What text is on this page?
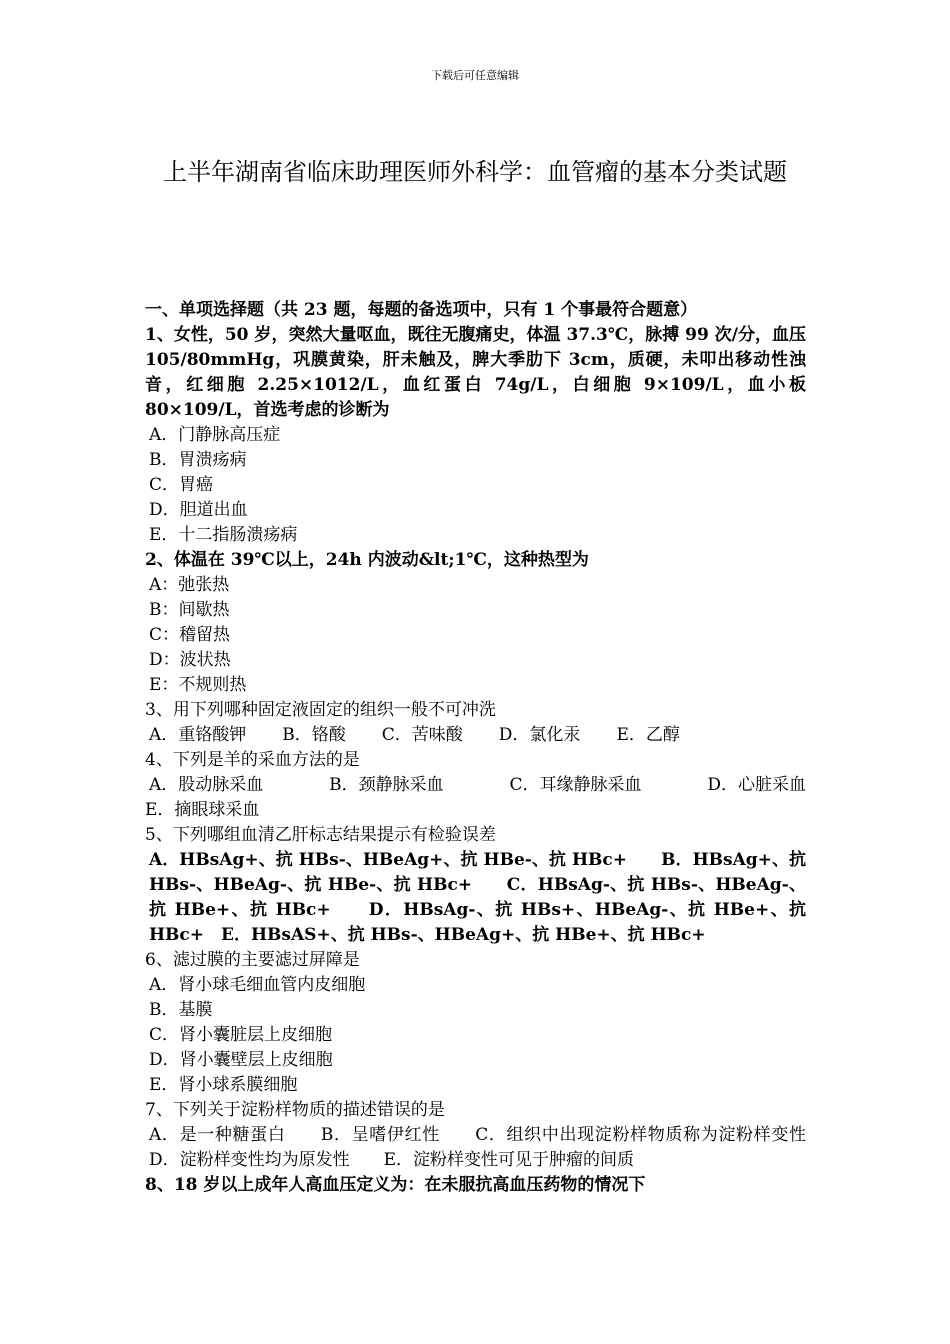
下载后可任意编辑
上半年湖南省临床助理医师外科学：血管瘤的基本分类试题

一、单项选择题（共 23 题，每题的备选项中，只有 1 个事最符合题意）

1、女性，50 岁，突然大量呕血，既往无腹痛史，体温 37.3℃，脉搏 99 次/分，血压 105/80mmHg，巩膜黄染，肝未触及，脾大季肋下 3cm，质硬，未叩出移动性浊音，红细胞 2.25×1012/L，血红蛋白 74g/L，白细胞 9×109/L，血小板 80×109/L，首选考虑的诊断为

A．门静脉高压症

B．胃溃疡病

C．胃癌

D．胆道出血

E．十二指肠溃疡病

2、体温在 39℃以上，24h 内波动&lt;1℃，这种热型为

A：弛张热

B：间歇热

C：稽留热

D：波状热

E：不规则热

3、用下列哪种固定液固定的组织一般不可冲洗

A．重铬酸钾 B．铬酸 C．苦味酸 D．氯化汞 E．乙醇

4、下列是羊的采血方法的是

A．股动脉采血	B．颈静脉采血	C．耳缘静脉采血	D．心脏采血

E．摘眼球采血

5、下列哪组血清乙肝标志结果提示有检验误差

A．HBsAg+、抗 HBs-、HBeAg+、抗 HBe-、抗 HBc+　　B．HBsAg+、抗 HBs-、HBeAg-、抗 HBe-、抗 HBc+　　C．HBsAg-、抗 HBs-、HBeAg-、抗 HBe+、抗 HBc+　　D．HBsAg-、抗 HBs+、HBeAg-、抗 HBe+、抗 HBc+　E．HBsAS+、抗 HBs-、HBeAg+、抗 HBe+、抗 HBc+

6、滤过膜的主要滤过屏障是

A．肾小球毛细血管内皮细胞

B．基膜

C．肾小囊脏层上皮细胞

D．肾小囊壁层上皮细胞

E．肾小球系膜细胞

7、下列关于淀粉样物质的描述错误的是

A．是一种糖蛋白　　B．呈嗜伊红性　　C．组织中出现淀粉样物质称为淀粉样变性　　D．淀粉样变性均为原发性　　E．淀粉样变性可见于肿瘤的间质

8、18 岁以上成年人高血压定义为：在未服抗高血压药物的情况下
